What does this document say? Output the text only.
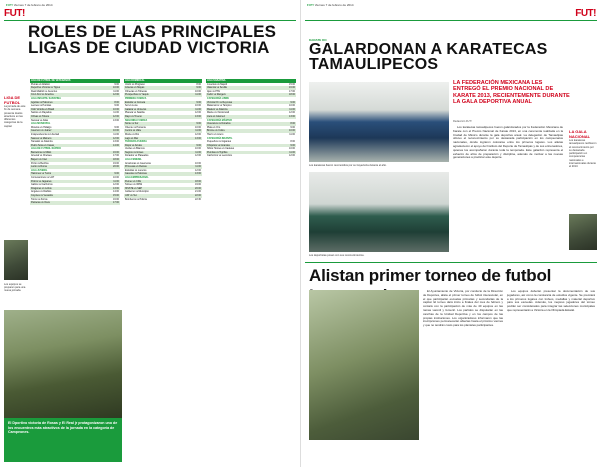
FUT! Viernes 7 de febrero de 2014
FUT!
ROLES DE LAS PRINCIPALES LIGAS DE CIUDAD VICTORIA
LIGA DE FUTBOL
La jornada de este fin de semana presenta duelos atractivos en las diferentes categorías de la capital.
Los equipos se preparan para una nueva jornada.
LIGA DE FUTBOL DE VETERANOS
Pumas vs Atlético	9:00
Deportivo Victoria vs Tigres	10:00
Real Madrid vs Juventus	11:00
Cruz Azul vs América	12:00
LIGA INFANTIL SABATINA
Águilas vs Halcones	8:00
Leones vs Pumitas	9:00
Club Victoria vs Brasil	10:00
Santos vs Rayados	11:00
Chivas vs Toluca	12:00
Necaxa vs Atlas	13:00
LIGA MUNICIPAL
Morelos vs Hidalgo	9:00
Guerrero vs Juárez	10:00
Independencia vs Libertad	11:00
Sauces vs Mainero	12:00
Tamatán vs Altamira	13:00
Pedro Sosa vs Casas	14:00
LIGA DE FUTBOL RÁPIDO
Barcelona vs Milán	16:00
Arsenal vs Chelsea	17:00
Bayern vs Inter	18:00
Porto vs Benfica	19:00
Lazio vs Roma	20:00
LIGA JUVENIL
Halcones vs Tuzos	9:00
Correcaminos vs UAT	10:00
Potros vs Jaguares	11:00
Gallos vs Cachorros	12:00
Dragones vs Lobos	13:00
Ángeles vs Diablos	14:00
Coyotes vs Venados	15:00
Toros vs Zorros	16:00
Panteras vs Osos	17:00
LIGA DOMINICAL
Unión vs Progreso	8:00
Aztecas vs Mayas	9:00
Olmecas vs Toltecas	10:00
Purépechas vs Yaquis	11:00
PRIMERA FUERZA
Estrella vs Cometa	9:00
Sol vs Luna	10:00
Galaxia vs Universo	11:00
Planeta vs Satélite	12:00
Rayo vs Trueno	13:00
SEGUNDA FUERZA
Norte vs Sur	9:00
Oriente vs Poniente	10:00
Centro vs Valle	11:00
Monte vs Río	12:00
Lago vs Mar	13:00
TERCERA FUERZA
Rojos vs Azules	9:00
Verdes vs Blancos	10:00
Negros vs Grises	11:00
Dorados vs Plateados	12:00
LIGA FEMENIL
Amazonas vs Guerreras	10:00
Princesas vs Reinas	11:00
Estrellas vs Luceros	12:00
Gacelas vs Palomas	13:00
LIGA EMPRESARIAL
Pemex vs CFE	18:00
Telmex vs IMSS	19:00
ISSSTE vs SEP	20:00
Gobierno vs Municipio	21:00
UAT vs Tec	22:00
Bomberos vs Policía	22:30
LIGA SABATINA
Juventus vs Napoli	15:00
Valencia vs Sevilla	16:00
Ajax vs PSV	17:00
Celtic vs Rangers	18:00
CATEGORÍA LIBRE
Victoria FC vs Reynosa	9:00
Matamoros vs Tampico	10:00
Madero vs Altamira	11:00
Mante vs Xicoténcatl	12:00
Llera vs Güémez	13:00
CATEGORÍA MÁSTER
Veteranos vs Dorados	8:00
Plata vs Oro	9:00
Bronce vs Cobre	10:00
Hierro vs Acero	11:00
CATEGORÍA INFANTIL
Pequeños vs Gigantes	8:00
Chiquitos vs Grandes	9:00
Niños Héroes vs Cadetes	10:00
Pumitas vs Tigrillos	11:00
Cachorros vs Leoncitos	12:00
El Dportivo victoria de Rosas y El Real jr protagonizaron uno de los encuentros más atractivos de la jornada en la categoría de Campeones.
FUT! Viernes 7 de febrero de 2014
FUT!
KARATE DO
GALARDONAN A KARATECAS TAMAULIPECOS
Los karatecas fueron reconocidos por su trayectoria durante el año.
Los deportistas posan con sus reconocimientos.
LA FEDERACIÓN MEXICANA LES ENTREGÓ EL PREMIO NACIONAL DE KARATE 2013, RECIENTEMENTE DURANTE LA GALA DEPORTIVA ANUAL
Redacción FUT!

Los karatecas tamaulipecos fueron galardonados por la Federación Mexicana de Karate con el Premio Nacional de Karate 2013, en una ceremonia realizada en la Ciudad de México durante la gala deportiva anual. La delegación de Tamaulipas obtuvo el reconocimiento por su destacada participación en los campeonatos nacionales, donde lograron colocarse entre los primeros lugares. Los atletas agradecieron el apoyo del Instituto del Deporte de Tamaulipas y de sus entrenadores, quienes los acompañaron durante toda la temporada. Este galardón representa el esfuerzo de años de preparación y disciplina, además de motivar a las nuevas generaciones a practicar este deporte.

LA GALA NACIONAL
Los karatecas tamaulipecos recibieron el reconocimiento por su destacada participación en competencias nacionales e internacionales durante el 2013.
Alistan primer torneo de futbol

El Ayuntamiento de Victoria, por conducto de la Dirección de Deportes, alista el primer torneo de futbol interescolar, en el que participarán escuelas primarias y secundarias de la capital. El torneo dará inicio a finales del mes de febrero y contará con la participación de más de 40 equipos en las ramas varonil y femenil. Los partidos se disputarán en las canchas de la Unidad Deportiva y en los campos de las propias instituciones. Los organizadores informaron que las inscripciones permanecerán abiertas hasta el próximo viernes y que no tendrán costo para los planteles participantes.

Los equipos deberán presentar la documentación de sus jugadores, así como la constancia de estudios vigente. Se premiará a los primeros lugares con trofeos, medallas y material deportivo para sus escuelas. Además, los mejores jugadores del torneo podrán ser considerados para integrar las selecciones municipales que representarán a Victoria en la Olimpiada Estatal.
